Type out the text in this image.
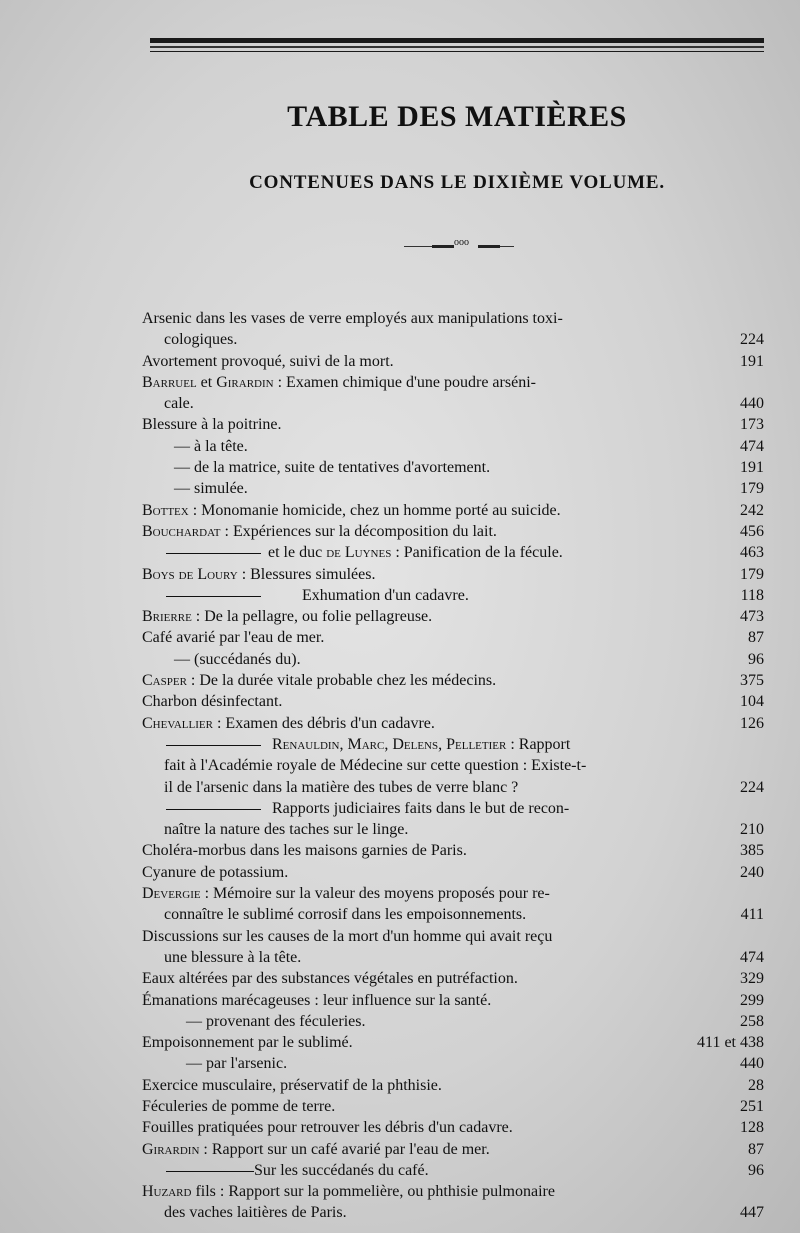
TABLE DES MATIÈRES
CONTENUES DANS LE DIXIÈME VOLUME.
ooo
Arsenic dans les vases de verre employés aux manipulations toxi-
cologiques.	224
Avortement provoqué, suivi de la mort.	191
Barruel et Girardin : Examen chimique d'une poudre arséni-
cale.	440
Blessure à la poitrine.	173
— à la tête.	474
— de la matrice, suite de tentatives d'avortement.	191
— simulée.	179
Bottex : Monomanie homicide, chez un homme porté au suicide.	242
Bouchardat : Expériences sur la décomposition du lait.	456
et le duc de Luynes : Panification de la fécule.	463
Boys de Loury : Blessures simulées.	179
Exhumation d'un cadavre.	118
Brierre : De la pellagre, ou folie pellagreuse.	473
Café avarié par l'eau de mer.	87
— (succédanés du).	96
Casper : De la durée vitale probable chez les médecins.	375
Charbon désinfectant.	104
Chevallier : Examen des débris d'un cadavre.	126
Renauldin, Marc, Delens, Pelletier : Rapport
fait à l'Académie royale de Médecine sur cette question : Existe-t-
il de l'arsenic dans la matière des tubes de verre blanc ?	224
Rapports judiciaires faits dans le but de recon-
naître la nature des taches sur le linge.	210
Choléra-morbus dans les maisons garnies de Paris.	385
Cyanure de potassium.	240
Devergie : Mémoire sur la valeur des moyens proposés pour re-
connaître le sublimé corrosif dans les empoisonnements.	411
Discussions sur les causes de la mort d'un homme qui avait reçu
une blessure à la tête.	474
Eaux altérées par des substances végétales en putréfaction.	329
Émanations marécageuses : leur influence sur la santé.	299
— provenant des féculeries.	258
Empoisonnement par le sublimé.	411 et 438
— par l'arsenic.	440
Exercice musculaire, préservatif de la phthisie.	28
Féculeries de pomme de terre.	251
Fouilles pratiquées pour retrouver les débris d'un cadavre.	128
Girardin : Rapport sur un café avarié par l'eau de mer.	87
Sur les succédanés du café.	96
Huzard fils : Rapport sur la pommelière, ou phthisie pulmonaire
des vaches laitières de Paris.	447
